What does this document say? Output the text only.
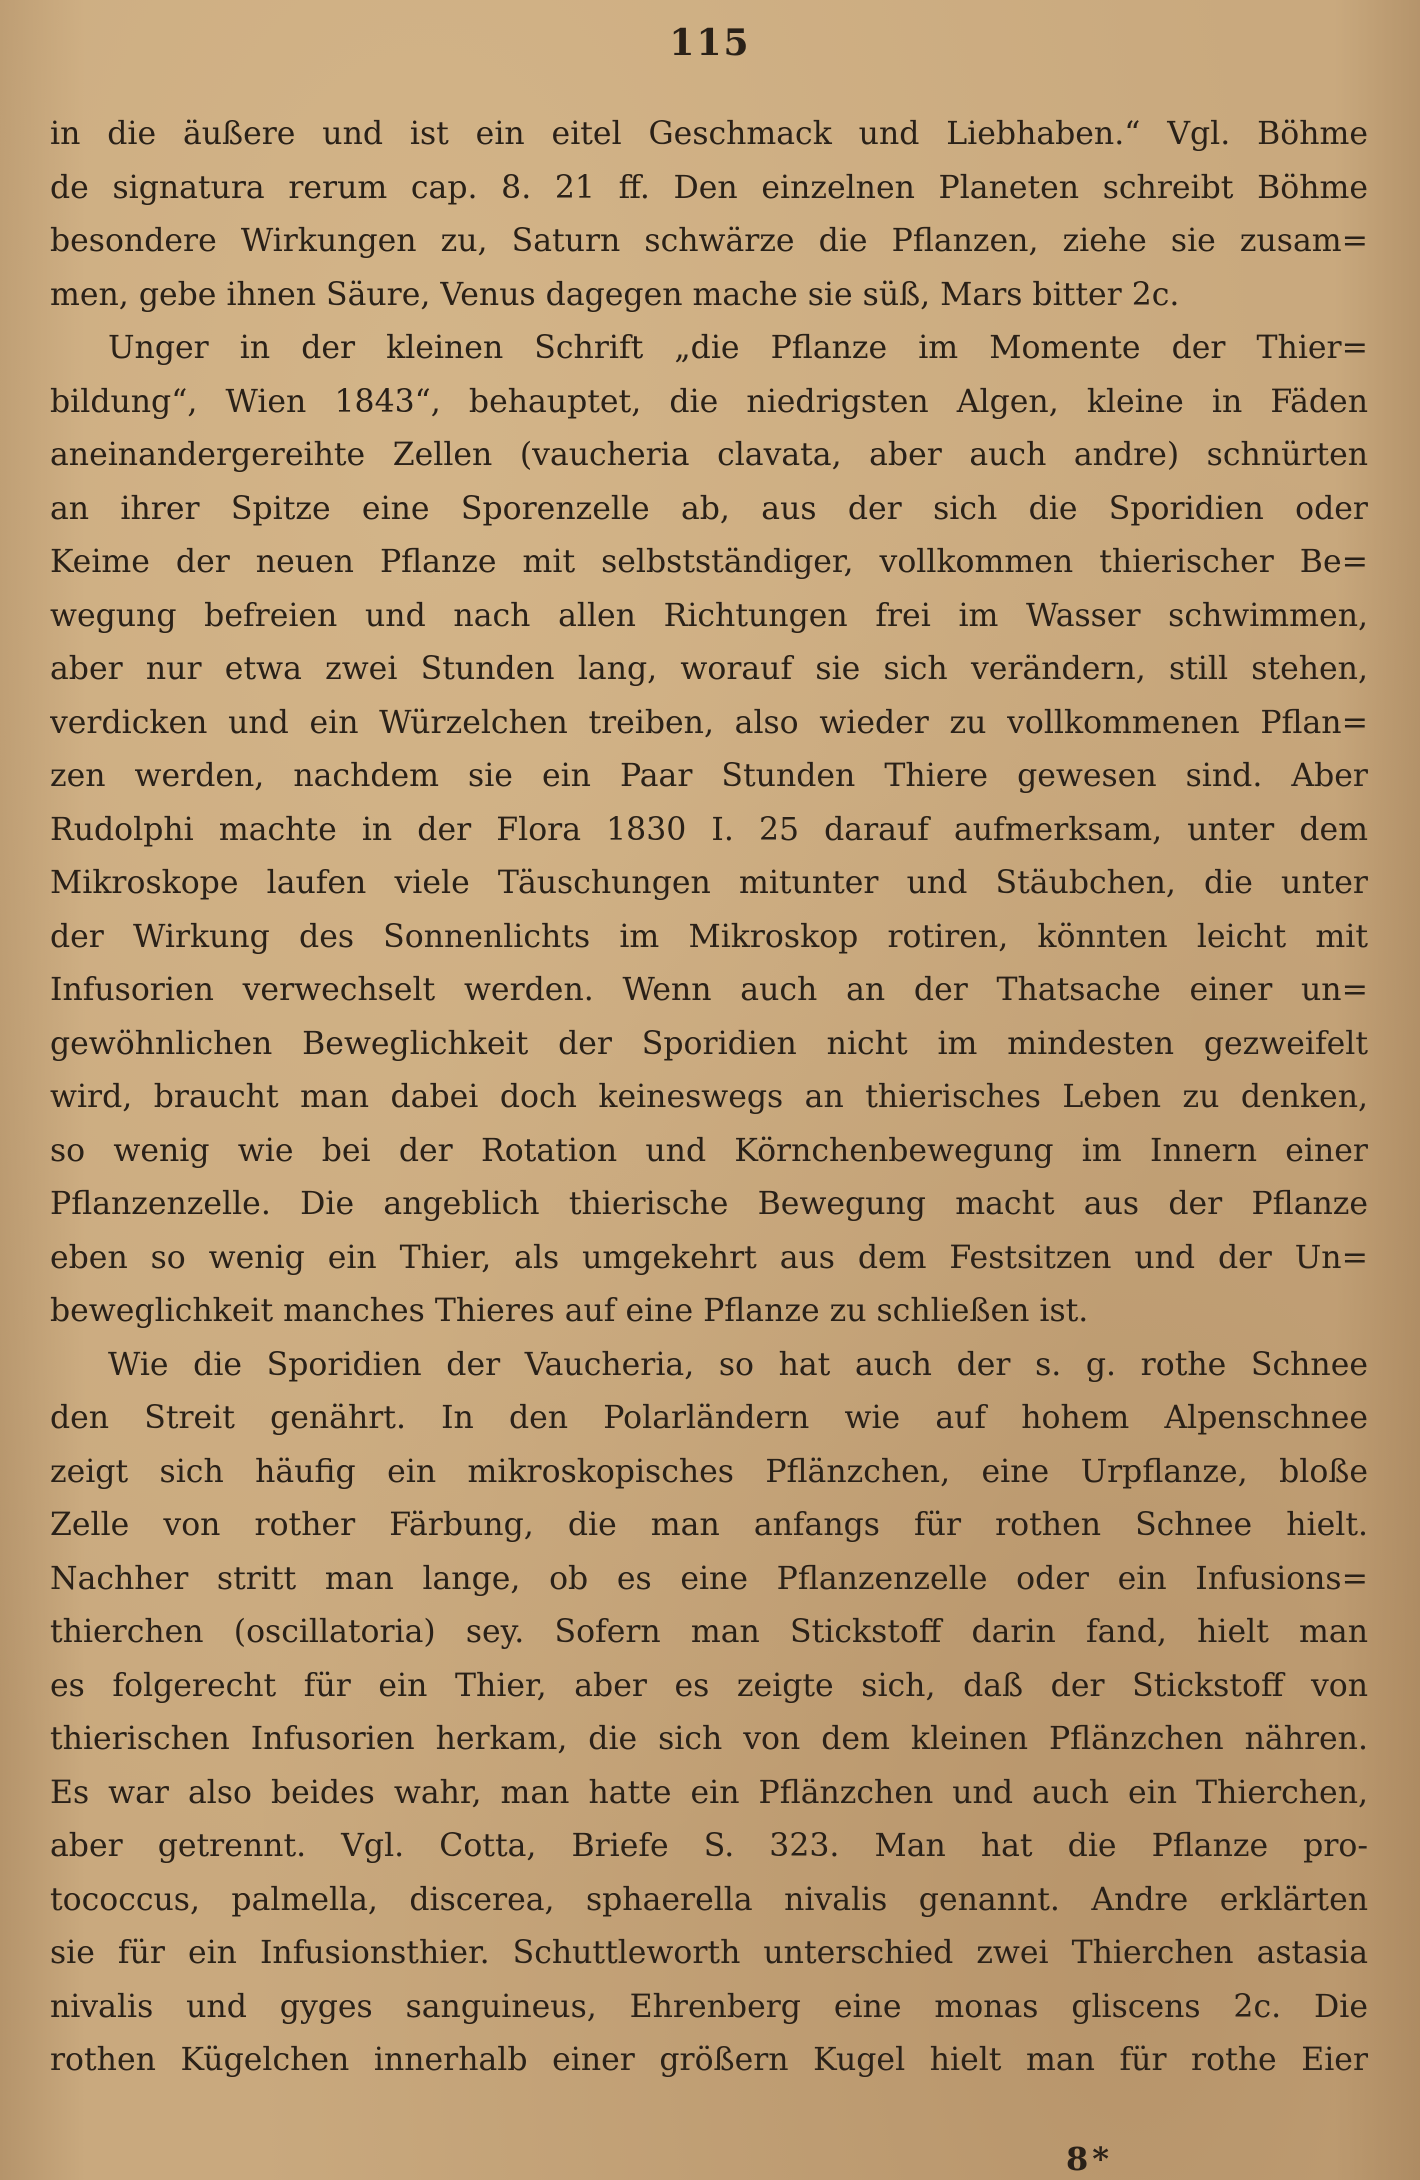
115
in die äußere und ist ein eitel Geschmack und Liebhaben.“ Vgl. Böhme
de signatura rerum cap. 8. 21 ff. Den einzelnen Planeten schreibt Böhme
besondere Wirkungen zu, Saturn schwärze die Pflanzen, ziehe sie zusam=
men, gebe ihnen Säure, Venus dagegen mache sie süß, Mars bitter 2c.
Unger in der kleinen Schrift „die Pflanze im Momente der Thier=
bildung“, Wien 1843“, behauptet, die niedrigsten Algen, kleine in Fäden
aneinandergereihte Zellen (vaucheria clavata, aber auch andre) schnürten
an ihrer Spitze eine Sporenzelle ab, aus der sich die Sporidien oder
Keime der neuen Pflanze mit selbstständiger, vollkommen thierischer Be=
wegung befreien und nach allen Richtungen frei im Wasser schwimmen,
aber nur etwa zwei Stunden lang, worauf sie sich verändern, still stehen,
verdicken und ein Würzelchen treiben, also wieder zu vollkommenen Pflan=
zen werden, nachdem sie ein Paar Stunden Thiere gewesen sind. Aber
Rudolphi machte in der Flora 1830 I. 25 darauf aufmerksam, unter dem
Mikroskope laufen viele Täuschungen mitunter und Stäubchen, die unter
der Wirkung des Sonnenlichts im Mikroskop rotiren, könnten leicht mit
Infusorien verwechselt werden. Wenn auch an der Thatsache einer un=
gewöhnlichen Beweglichkeit der Sporidien nicht im mindesten gezweifelt
wird, braucht man dabei doch keineswegs an thierisches Leben zu denken,
so wenig wie bei der Rotation und Körnchenbewegung im Innern einer
Pflanzenzelle. Die angeblich thierische Bewegung macht aus der Pflanze
eben so wenig ein Thier, als umgekehrt aus dem Festsitzen und der Un=
beweglichkeit manches Thieres auf eine Pflanze zu schließen ist.
Wie die Sporidien der Vaucheria, so hat auch der s. g. rothe Schnee
den Streit genährt. In den Polarländern wie auf hohem Alpenschnee
zeigt sich häufig ein mikroskopisches Pflänzchen, eine Urpflanze, bloße
Zelle von rother Färbung, die man anfangs für rothen Schnee hielt.
Nachher stritt man lange, ob es eine Pflanzenzelle oder ein Infusions=
thierchen (oscillatoria) sey. Sofern man Stickstoff darin fand, hielt man
es folgerecht für ein Thier, aber es zeigte sich, daß der Stickstoff von
thierischen Infusorien herkam, die sich von dem kleinen Pflänzchen nähren.
Es war also beides wahr, man hatte ein Pflänzchen und auch ein Thierchen,
aber getrennt. Vgl. Cotta, Briefe S. 323. Man hat die Pflanze pro-
tococcus, palmella, discerea, sphaerella nivalis genannt. Andre erklärten
sie für ein Infusionsthier. Schuttleworth unterschied zwei Thierchen astasia
nivalis und gyges sanguineus, Ehrenberg eine monas gliscens 2c. Die
rothen Kügelchen innerhalb einer größern Kugel hielt man für rothe Eier
8*
